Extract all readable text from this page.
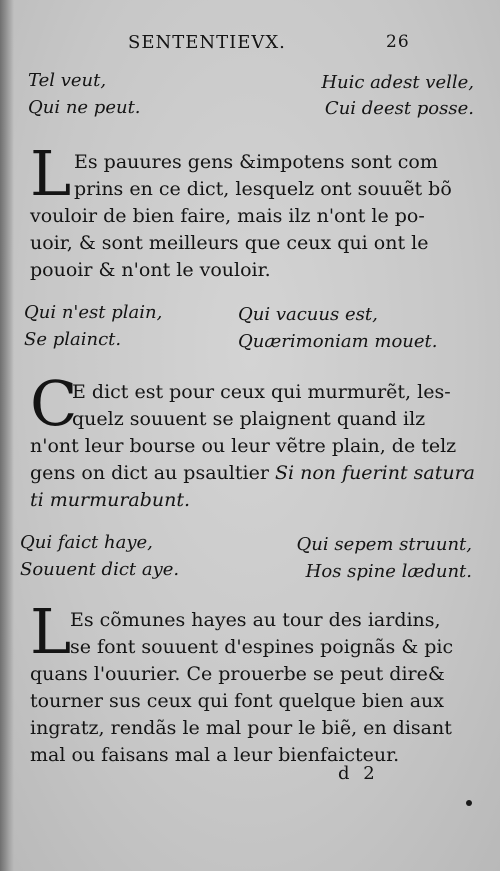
SENTENTIEVX.	26
Tel veut,
Qui ne peut.
Huic adest velle,
Cui deest posse.
L Es pauures gens &impotens sont com
prins en ce dict, lesquelz ont souuẽt bõ
vouloir de bien faire, mais ilz n'ont le po-
uoir, & sont meilleurs que ceux qui ont le
pouoir & n'ont le vouloir.
Qui n'est plain,
Se plainct.
Qui vacuus est,
Quærimoniam mouet.
C
E dict est pour ceux qui murmurẽt, les-
quelz souuent se plaignent quand ilz
n'ont leur bourse ou leur vẽtre plain, de telz
gens on dict au psaultier Si non fuerint satura
ti murmurabunt.
Qui faict haye,
Souuent dict aye.
Qui sepem struunt,
Hos spine lædunt.
L
Es cõmunes hayes au tour des iardins,
se font souuent d'espines poignãs & pic
quans l'ouurier. Ce prouerbe se peut dire&
tourner sus ceux qui font quelque bien aux
ingratz, rendãs le mal pour le biẽ, en disant
mal ou faisans mal a leur bienfaicteur.
d 2
